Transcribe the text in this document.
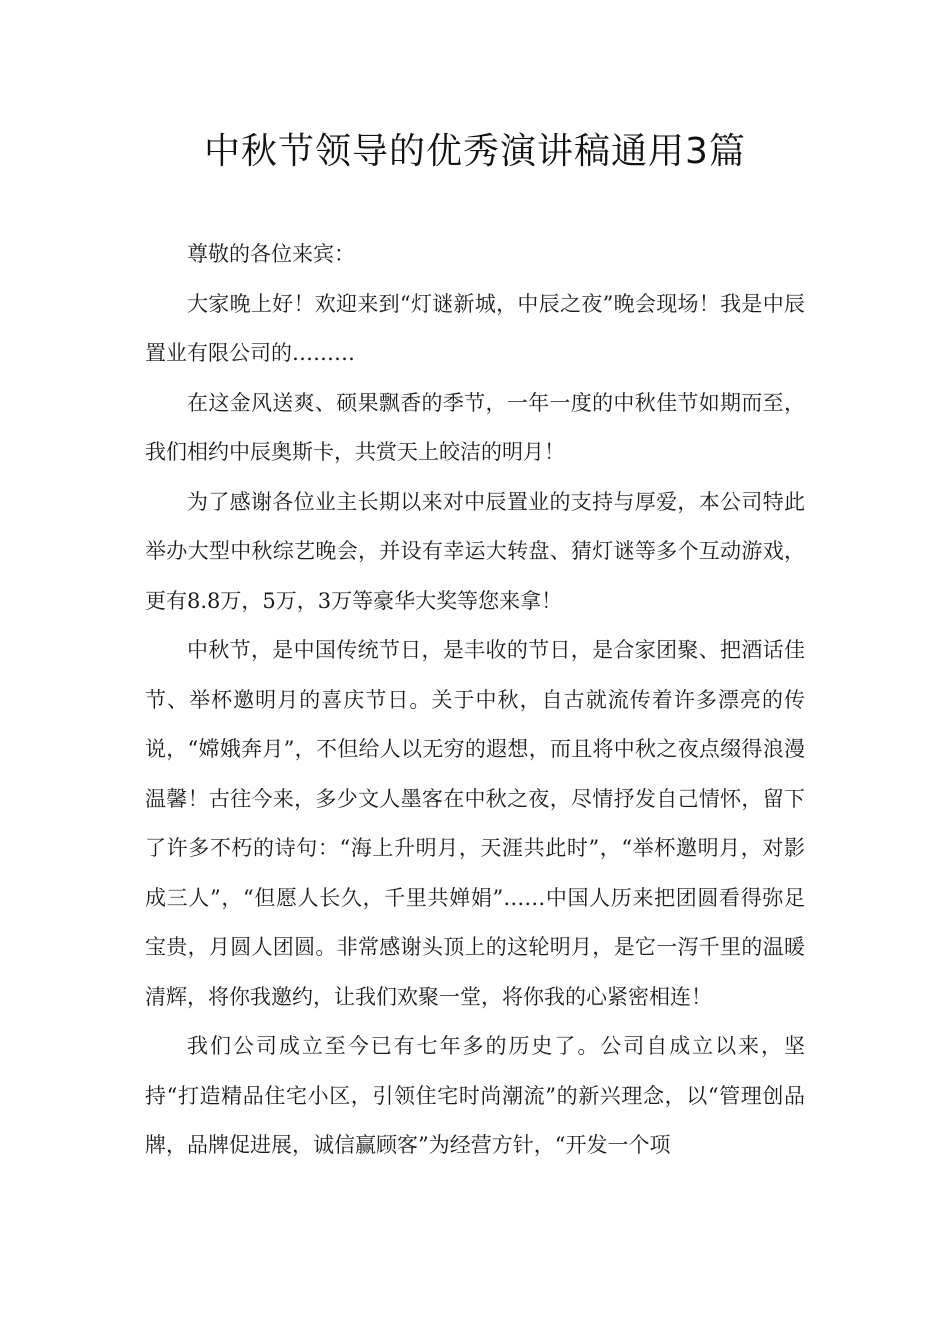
中秋节领导的优秀演讲稿通用3篇

尊敬的各位来宾：

大家晚上好！欢迎来到“灯谜新城，中辰之夜”晚会现场！我是中辰置业有限公司的………

在这金风送爽、硕果飘香的季节，一年一度的中秋佳节如期而至，我们相约中辰奥斯卡，共赏天上皎洁的明月！

为了感谢各位业主长期以来对中辰置业的支持与厚爱，本公司特此举办大型中秋综艺晚会，并设有幸运大转盘、猜灯谜等多个互动游戏，更有8.8万，5万，3万等豪华大奖等您来拿！

中秋节，是中国传统节日，是丰收的节日，是合家团聚、把酒话佳节、举杯邀明月的喜庆节日。关于中秋，自古就流传着许多漂亮的传说，“嫦娥奔月”，不但给人以无穷的遐想，而且将中秋之夜点缀得浪漫温馨！古往今来，多少文人墨客在中秋之夜，尽情抒发自己情怀，留下了许多不朽的诗句：“海上升明月，天涯共此时”，“举杯邀明月，对影成三人”，“但愿人长久，千里共婵娟”……中国人历来把团圆看得弥足宝贵，月圆人团圆。非常感谢头顶上的这轮明月，是它一泻千里的温暖清辉，将你我邀约，让我们欢聚一堂，将你我的心紧密相连！

我们公司成立至今已有七年多的历史了。公司自成立以来，坚持“打造精品住宅小区，引领住宅时尚潮流”的新兴理念，以“管理创品牌，品牌促进展，诚信赢顾客”为经营方针，“开发一个项
